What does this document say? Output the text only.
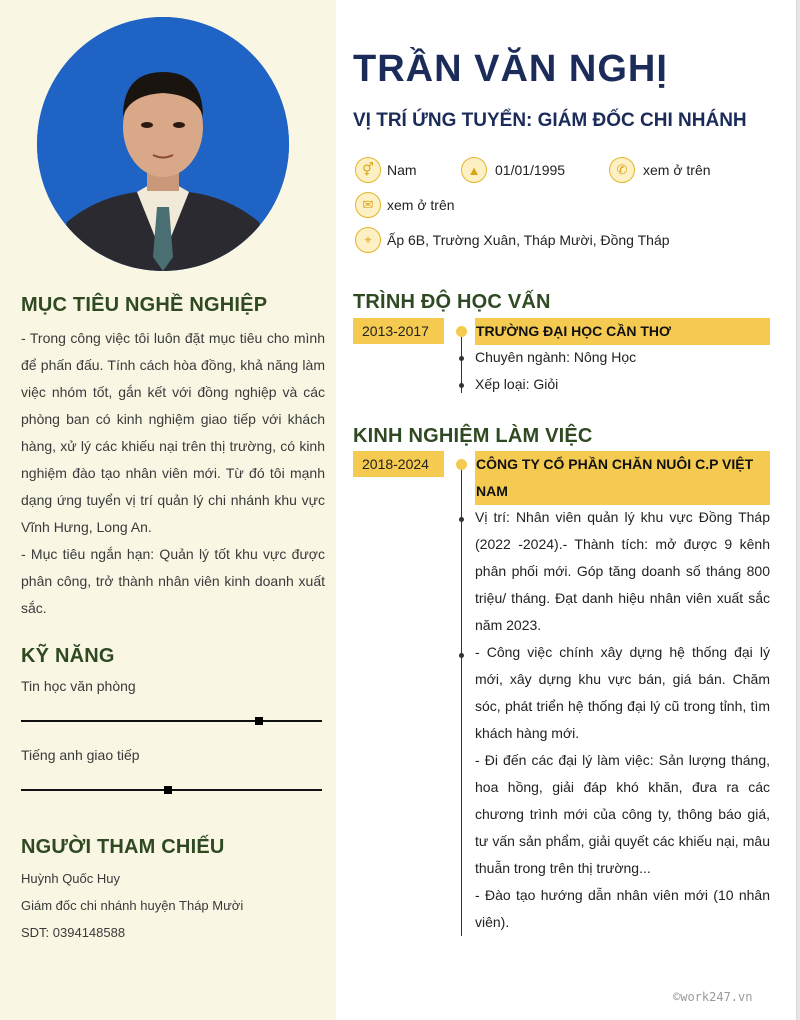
MỤC TIÊU NGHỀ NGHIỆP
- Trong công việc tôi luôn đặt mục tiêu cho mình để phấn đấu. Tính cách hòa đồng, khả năng làm việc nhóm tốt, gắn kết với đồng nghiệp và các phòng ban có kinh nghiệm giao tiếp với khách hàng, xử lý các khiếu nại trên thị trường, có kinh nghiệm đào tạo nhân viên mới. Từ đó tôi mạnh dạng ứng tuyển vị trí quản lý chi nhánh khu vực Vĩnh Hưng, Long An.
- Mục tiêu ngắn hạn: Quản lý tốt khu vực được phân công, trở thành nhân viên kinh doanh xuất sắc.
KỸ NĂNG
Tin học văn phòng
Tiếng anh giao tiếp
NGƯỜI THAM CHIẾU
Huỳnh Quốc Huy
Giám đốc chi nhánh huyện Tháp Mười
SDT: 0394148588
TRẦN VĂN NGHỊ
VỊ TRÍ ỨNG TUYỂN: GIÁM ĐỐC CHI NHÁNH
⚥ Nam	▲	01/01/1995	✆	xem ở trên
✉ xem ở trên
⌖	Ấp 6B, Trường Xuân, Tháp Mười, Đồng Tháp
TRÌNH ĐỘ HỌC VẤN
2013-2017	TRƯỜNG ĐẠI HỌC CẦN THƠ
Chuyên ngành: Nông Học
Xếp loại: Giỏi
KINH NGHIỆM LÀM VIỆC
2018-2024	CÔNG TY CỔ PHẦN CHĂN NUÔI C.P VIỆT NAM
Vị trí: Nhân viên quản lý khu vực Đồng Tháp (2022 -2024).- Thành tích: mở được 9 kênh phân phối mới. Góp tăng doanh số tháng 800 triệu/ tháng. Đạt danh hiệu nhân viên xuất sắc năm 2023.
- Công việc chính xây dựng hệ thống đại lý mới, xây dựng khu vực bán, giá bán. Chăm sóc, phát triển hệ thống đại lý cũ trong tỉnh, tìm khách hàng mới.
- Đi đến các đại lý làm việc: Sản lượng tháng, hoa hồng, giải đáp khó khăn, đưa ra các chương trình mới của công ty, thông báo giá, tư vấn sản phẩm, giải quyết các khiếu nại, mâu thuẫn trong trên thị trường...
- Đào tạo hướng dẫn nhân viên mới (10 nhân viên).
©work247.vn
